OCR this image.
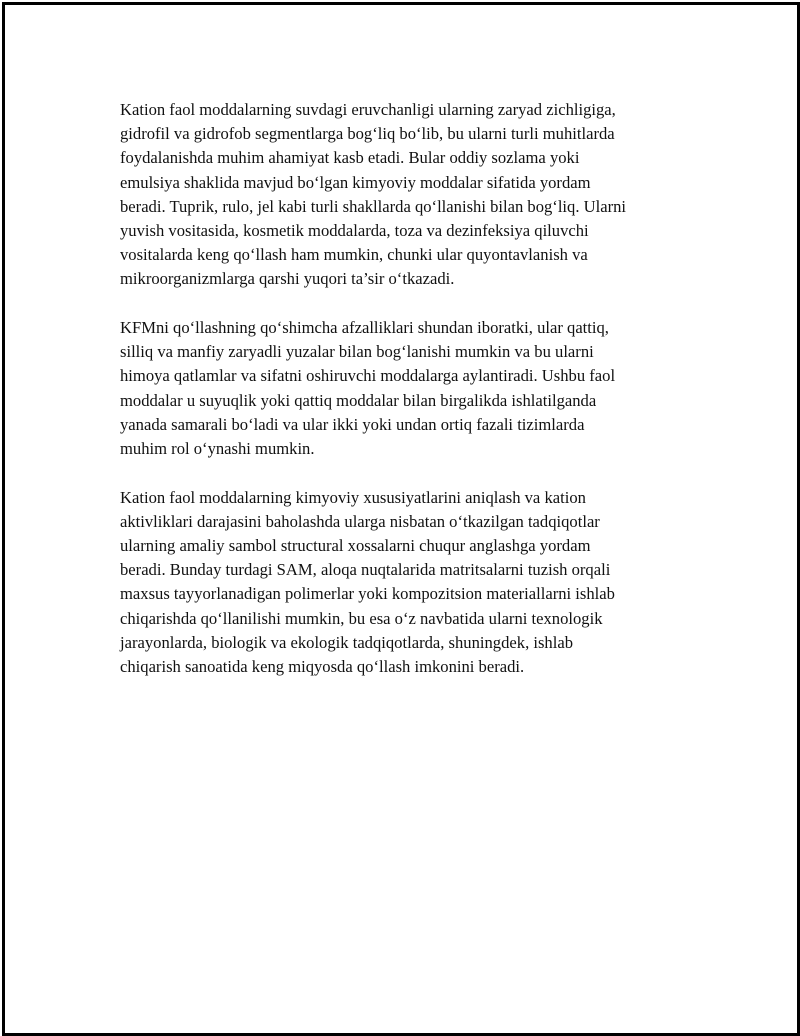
Kation faol moddalarning suvdagi eruvchanligi ularning zaryad zichligiga,
gidrofil va gidrofob segmentlarga bog‘liq bo‘lib, bu ularni turli muhitlarda
foydalanishda muhim ahamiyat kasb etadi. Bular oddiy sozlama yoki
emulsiya shaklida mavjud bo‘lgan kimyoviy moddalar sifatida yordam
beradi. Tuprik, rulo, jel kabi turli shakllarda qo‘llanishi bilan bog‘liq. Ularni
yuvish vositasida, kosmetik moddalarda, toza va dezinfeksiya qiluvchi
vositalarda keng qo‘llash ham mumkin, chunki ular quyontavlanish va
mikroorganizmlarga qarshi yuqori ta’sir o‘tkazadi.

KFMni qo‘llashning qo‘shimcha afzalliklari shundan iboratki, ular qattiq,
silliq va manfiy zaryadli yuzalar bilan bog‘lanishi mumkin va bu ularni
himoya qatlamlar va sifatni oshiruvchi moddalarga aylantiradi. Ushbu faol
moddalar u suyuqlik yoki qattiq moddalar bilan birgalikda ishlatilganda
yanada samarali bo‘ladi va ular ikki yoki undan ortiq fazali tizimlarda
muhim rol o‘ynashi mumkin.

Kation faol moddalarning kimyoviy xususiyatlarini aniqlash va kation
aktivliklari darajasini baholashda ularga nisbatan o‘tkazilgan tadqiqotlar
ularning amaliy sambol structural xossalarni chuqur anglashga yordam
beradi. Bunday turdagi SAM, aloqa nuqtalarida matritsalarni tuzish orqali
maxsus tayyorlanadigan polimerlar yoki kompozitsion materiallarni ishlab
chiqarishda qo‘llanilishi mumkin, bu esa o‘z navbatida ularni texnologik
jarayonlarda, biologik va ekologik tadqiqotlarda, shuningdek, ishlab
chiqarish sanoatida keng miqyosda qo‘llash imkonini beradi.
